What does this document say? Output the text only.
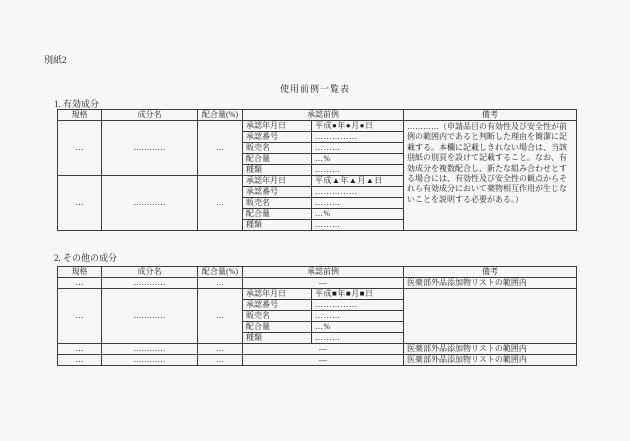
別紙2
使用前例一覧表
1. 有効成分
規格	成分名	配合量(%)	承認前例		備考
…	…………	…	承認年月日	平成●年●月●日	…………（申請品目の有効性及び安全性が前例の範囲内であると判断した理由を簡潔に記載する。本欄に記載しきれない場合は、当該別紙の別頁を設けて記載すること。なお、有効成分を複数配合し、新たな組み合わせとする場合には、有効性及び安全性の観点からそれら有効成分において薬物相互作用が生じないことを説明する必要がある。）
			承認番号	……………	
			販売名	………	
			配合量	…%	
			種類	………	
…	…………	…	承認年月日	平成▲年▲月▲日	
			承認番号	……………	
			販売名	………	
			配合量	…%	
			種類	………	
2. その他の成分
規格	成分名	配合量(%)	承認前例		備考
…	…………	…	―		医薬部外品添加物リストの範囲内
…	…………	…	承認年月日	平成■年■月■日	
			承認番号	……………	
			販売名	………	
			配合量	…%	
			種類	………	
…	…………	…	―		医薬部外品添加物リストの範囲内
…	…………	…	―		医薬部外品添加物リストの範囲内
